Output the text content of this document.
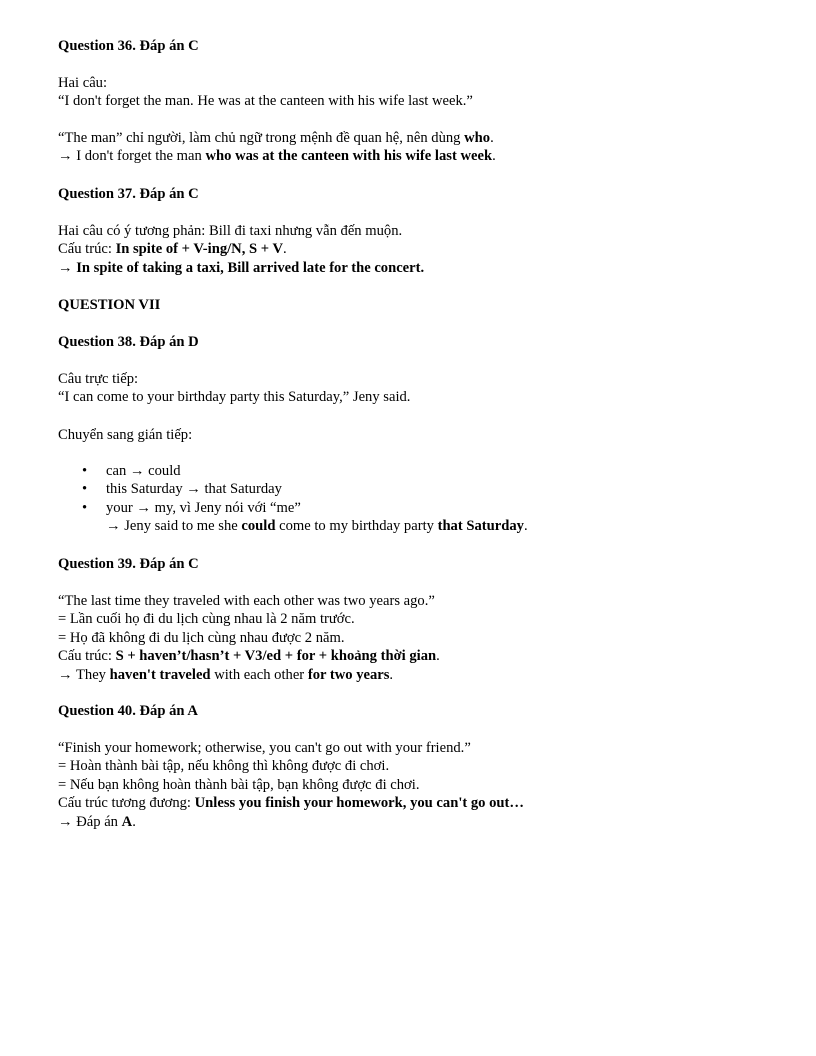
Question 36. Đáp án C
Hai câu:
“I don't forget the man. He was at the canteen with his wife last week.”
“The man” chỉ người, làm chủ ngữ trong mệnh đề quan hệ, nên dùng who.
→ I don't forget the man who was at the canteen with his wife last week.
Question 37. Đáp án C
Hai câu có ý tương phản: Bill đi taxi nhưng vẫn đến muộn.
Cấu trúc: In spite of + V-ing/N, S + V.
→ In spite of taking a taxi, Bill arrived late for the concert.
QUESTION VII
Question 38. Đáp án D
Câu trực tiếp:
“I can come to your birthday party this Saturday,” Jeny said.
Chuyển sang gián tiếp:
• can → could
• this Saturday → that Saturday
• your → my, vì Jeny nói với “me”
→ Jeny said to me she could come to my birthday party that Saturday.
Question 39. Đáp án C
“The last time they traveled with each other was two years ago.”
= Lần cuối họ đi du lịch cùng nhau là 2 năm trước.
= Họ đã không đi du lịch cùng nhau được 2 năm.
Cấu trúc: S + haven’t/hasn’t + V3/ed + for + khoảng thời gian.
→ They haven't traveled with each other for two years.
Question 40. Đáp án A
“Finish your homework; otherwise, you can't go out with your friend.”
= Hoàn thành bài tập, nếu không thì không được đi chơi.
= Nếu bạn không hoàn thành bài tập, bạn không được đi chơi.
Cấu trúc tương đương: Unless you finish your homework, you can't go out…
→ Đáp án A.
